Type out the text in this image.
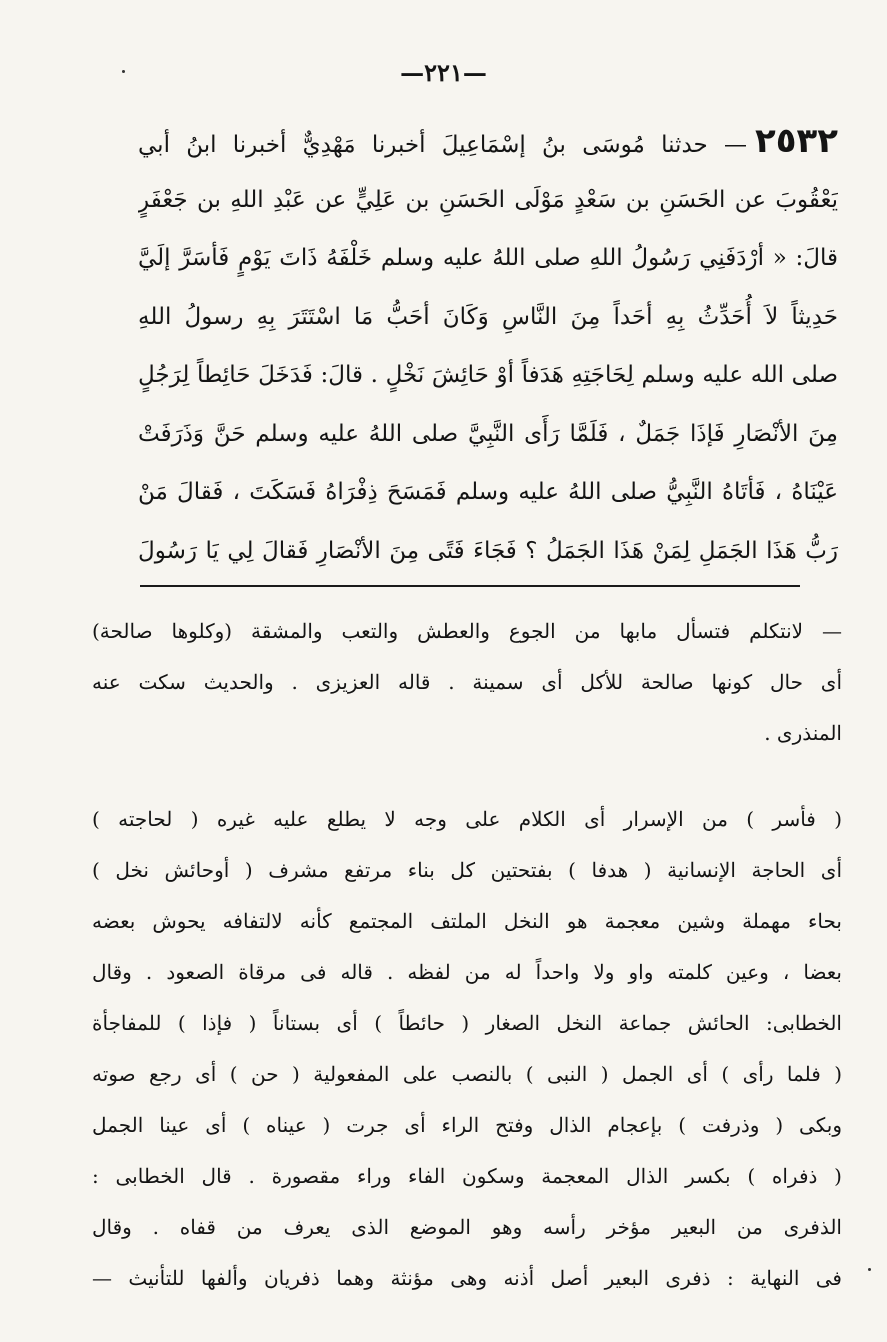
—٢٢١—
٢٥٣٢— حدثنا مُوسَى بنُ إسْمَاعِيلَ أخبرنا مَهْدِيٌّ أخبرنا ابنُ أبي
يَعْقُوبَ عن الحَسَنِ بن سَعْدٍ مَوْلَى الحَسَنِ بن عَلِيٍّ عن عَبْدِ اللهِ بن جَعْفَرٍ
قالَ: « أرْدَفَنِي رَسُولُ اللهِ صلى اللهُ عليه وسلم خَلْفَهُ ذَاتَ يَوْمٍ فَأسَرَّ إلَيَّ
حَدِيثاً لاَ أُحَدِّثُ بِهِ أحَداً مِنَ النَّاسِ وَكَانَ أحَبُّ مَا اسْتَتَرَ بِهِ رسولُ اللهِ
صلى الله عليه وسلم لِحَاجَتِهِ هَدَفاً أوْ حَائِشَ نَخْلٍ . قالَ: فَدَخَلَ حَائِطاً لِرَجُلٍ
مِنَ الأنْصَارِ فَإذَا جَمَلٌ ، فَلَمَّا رَأَى النَّبِيَّ صلى اللهُ عليه وسلم حَنَّ وَذَرَفَتْ
عَيْنَاهُ ، فَأتَاهُ النَّبِيُّ صلى اللهُ عليه وسلم فَمَسَحَ ذِفْرَاهُ فَسَكَتَ ، فَقالَ مَنْ
رَبُّ هَذَا الجَمَلِ لِمَنْ هَذَا الجَمَلُ ؟ فَجَاءَ فَتًى مِنَ الأنْصَارِ فَقالَ لِي يَا رَسُولَ
— لانتكلم فتسأل مابها من الجوع والعطش والتعب والمشقة (وكلوها صالحة)
أى حال كونها صالحة للأكل أى سمينة . قاله العزيزى . والحديث سكت عنه
المنذرى .
( فأسر ) من الإسرار أى الكلام على وجه لا يطلع عليه غيره ( لحاجته )
أى الحاجة الإنسانية ( هدفا ) بفتحتين كل بناء مرتفع مشرف ( أوحائش نخل )
بحاء مهملة وشين معجمة هو النخل الملتف المجتمع كأنه لالتفافه يحوش بعضه
بعضا ، وعين كلمته واو ولا واحداً له من لفظه . قاله فى مرقاة الصعود . وقال
الخطابى: الحائش جماعة النخل الصغار ( حائطاً ) أى بستاناً ( فإذا ) للمفاجأة
( فلما رأى ) أى الجمل ( النبى ) بالنصب على المفعولية ( حن ) أى رجع صوته
وبكى ( وذرفت ) بإعجام الذال وفتح الراء أى جرت ( عيناه ) أى عينا الجمل
( ذفراه ) بكسر الذال المعجمة وسكون الفاء وراء مقصورة . قال الخطابى :
الذفرى من البعير مؤخر رأسه وهو الموضع الذى يعرف من قفاه . وقال
فى النهاية : ذفرى البعير أصل أذنه وهى مؤنثة وهما ذفريان وألفها للتأنيث —
